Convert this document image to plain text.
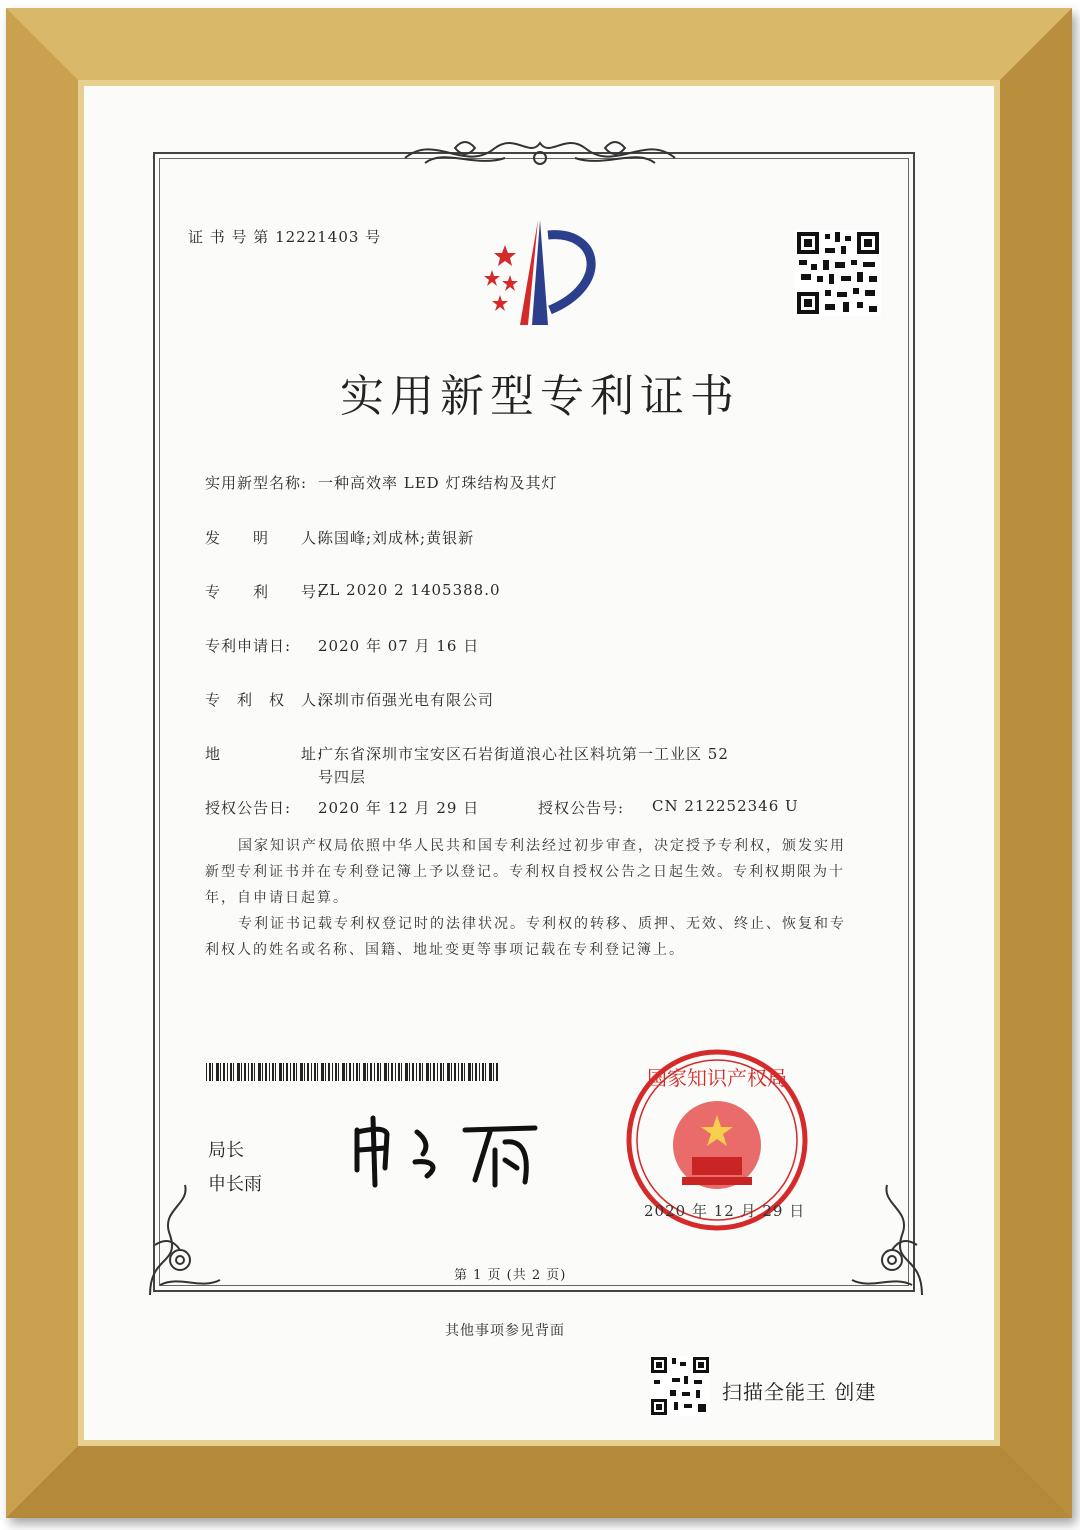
证 书 号 第 12221403 号
实用新型专利证书
实用新型名称: 一种高效率 LED 灯珠结构及其灯
发　　明　　人:
陈国峰;刘成林;黄银新
专　　利　　号:
ZL 2020 2 1405388.0
专利申请日: 2020 年 07 月 16 日
专　利　权　人:
深圳市佰强光电有限公司
地　　　　　址:
广东省深圳市宝安区石岩街道浪心社区料坑第一工业区 52
号四层
授权公告日: 2020 年 12 月 29 日	授权公告号: CN 212252346 U
国家知识产权局依照中华人民共和国专利法经过初步审查，决定授予专利权，颁发实用
新型专利证书并在专利登记簿上予以登记。专利权自授权公告之日起生效。专利权期限为十
年，自申请日起算。
专利证书记载专利权登记时的法律状况。专利权的转移、质押、无效、终止、恢复和专
利权人的姓名或名称、国籍、地址变更等事项记载在专利登记簿上。
局长
申长雨
国家知识产权局
2020 年 12 月 29 日
第 1 页 (共 2 页)
其他事项参见背面
扫描全能王 创建
